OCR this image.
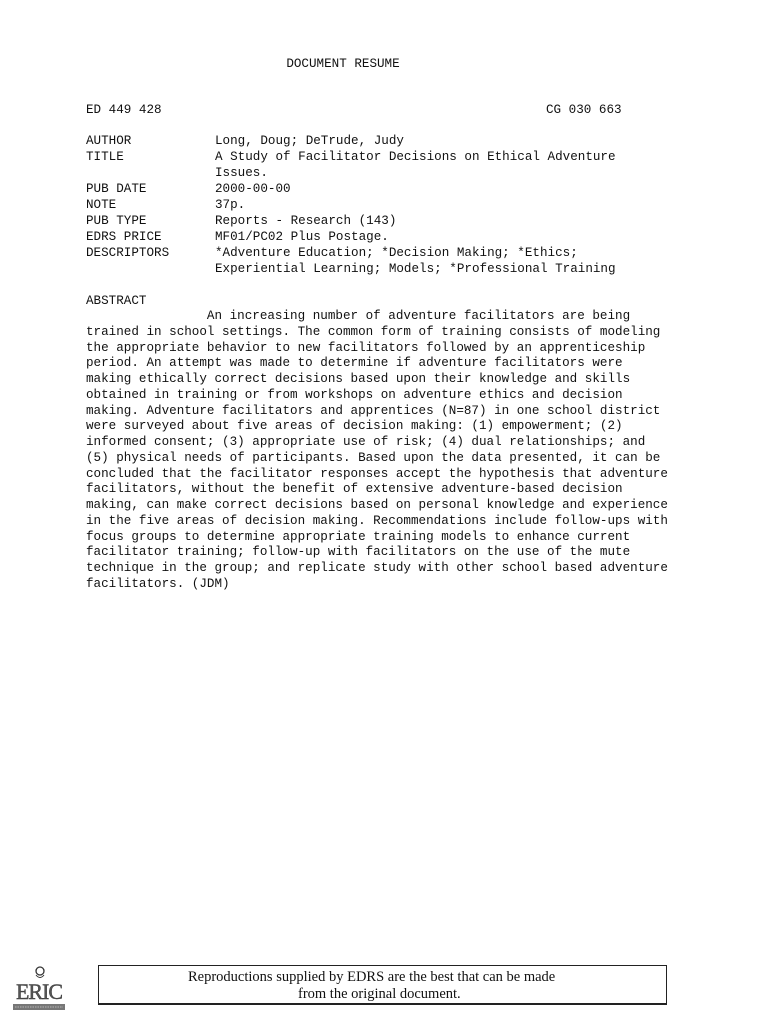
DOCUMENT RESUME
ED 449 428	CG 030 663
AUTHOR	Long, Doug; DeTrude, Judy
TITLE	A Study of Facilitator Decisions on Ethical Adventure
Issues.
PUB DATE	2000-00-00
NOTE	37p.
PUB TYPE	Reports - Research (143)
EDRS PRICE	MF01/PC02 Plus Postage.
DESCRIPTORS	*Adventure Education; *Decision Making; *Ethics;
Experiential Learning; Models; *Professional Training
ABSTRACT
An increasing number of adventure facilitators are being
trained in school settings. The common form of training consists of modeling
the appropriate behavior to new facilitators followed by an apprenticeship
period. An attempt was made to determine if adventure facilitators were
making ethically correct decisions based upon their knowledge and skills
obtained in training or from workshops on adventure ethics and decision
making. Adventure facilitators and apprentices (N=87) in one school district
were surveyed about five areas of decision making: (1) empowerment; (2)
informed consent; (3) appropriate use of risk; (4) dual relationships; and
(5) physical needs of participants. Based upon the data presented, it can be
concluded that the facilitator responses accept the hypothesis that adventure
facilitators, without the benefit of extensive adventure-based decision
making, can make correct decisions based on personal knowledge and experience
in the five areas of decision making. Recommendations include follow-ups with
focus groups to determine appropriate training models to enhance current
facilitator training; follow-up with facilitators on the use of the mute
technique in the group; and replicate study with other school based adventure
facilitators. (JDM)
ERIC
Reproductions supplied by EDRS are the best that can be made
from the original document.
